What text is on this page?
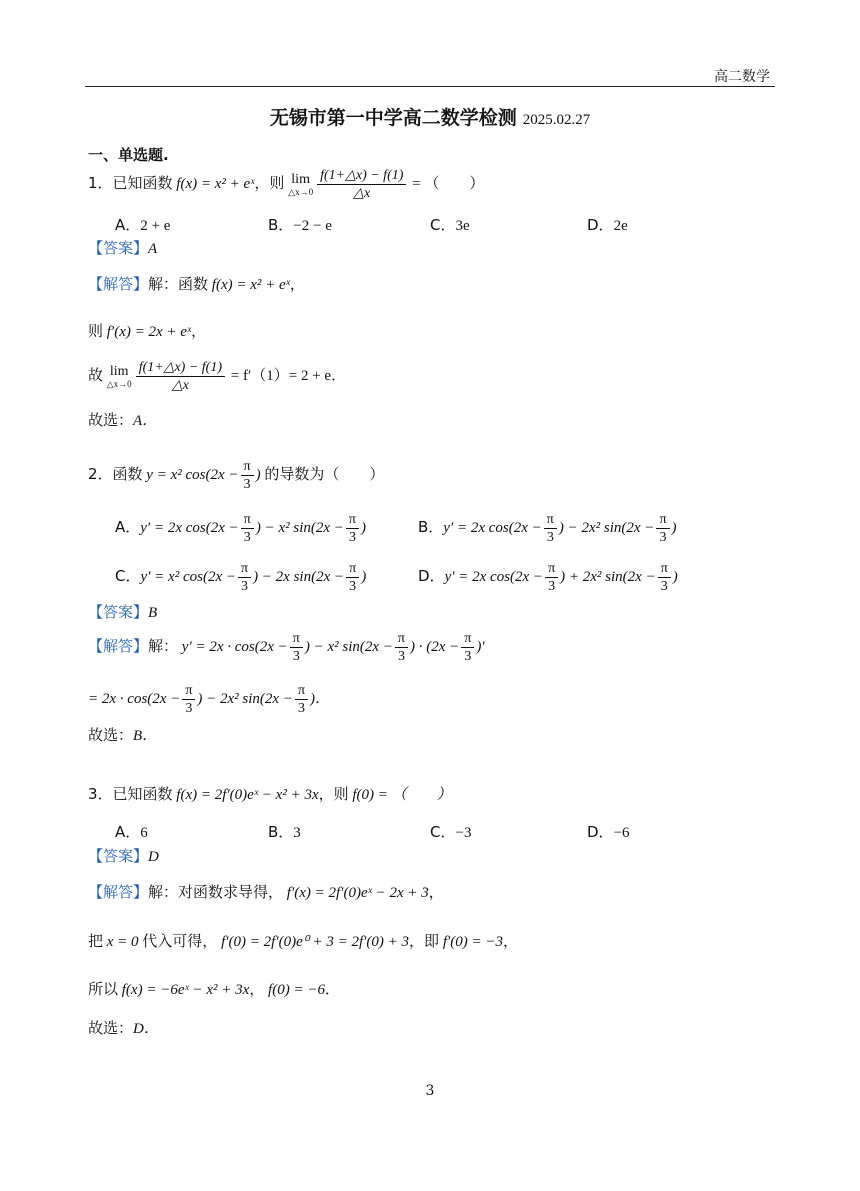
高二数学
无锡市第一中学高二数学检测 2025.02.27
一、单选题.
1．已知函数 f(x) = x² + eˣ，则 lim
△x→0 $\frac{f(1+\triangle x) - f(1)}{\triangle x}$ = （　　）
A．2 + e	B．−2 − e	C．3e	D．2e
【答案】A
【解答】解：函数 f(x) = x² + eˣ，
则 f′(x) = 2x + eˣ，
故 lim
△x→0 $\frac{f(1+\triangle x) - f(1)}{\triangle x} = f'(1)= 2 + e$．
故选：A．
2．函数 y = x² $\cos(2x - \frac{\pi}{3}$ ) 的导数为（　　）
A．y′ = 2x $\cos(2x - \frac{\pi}{3}$ ) − x² $\sin(2x - \frac{\pi}{3}$ )	B．y′ = 2x $\cos(2x - \frac{\pi}{3}$ ) − 2x² $\sin(2x - \frac{\pi}{3}$ )
C．y′ = x² $\cos(2x - \frac{\pi}{3}$ ) − 2x $\sin(2x - \frac{\pi}{3}$ )	D．y′ = 2x $\cos(2x - \frac{\pi}{3}$ ) + 2x² $\sin(2x - \frac{\pi}{3}$ )
【答案】B
【解答】解： $y' = 2x \cdot \cos(2x - \frac{\pi}{3}$ ) − x² $\sin(2x - \frac{\pi}{3}$ ) · ($2x - \frac{\pi}{3}$ )′
= $2x \cdot \cos(2x - \frac{\pi}{3}$ ) − 2x² $\sin(2x - \frac{\pi}{3}$ )．
故选：B．
3．已知函数 f(x) = 2f′(0)eˣ − x² + 3x，则 f(0) = （　　）
A．6	B．3	C．−3	D．−6
【答案】D
【解答】解：对函数求导得， f′(x) = 2f′(0)eˣ − 2x + 3，
把 x = 0 代入可得， f′(0) = 2f′(0)e⁰ + 3 = 2f′(0) + 3，即 f′(0) = −3，
所以 f(x) = −6eˣ − x² + 3x， f(0) = −6．
故选：D．
3
